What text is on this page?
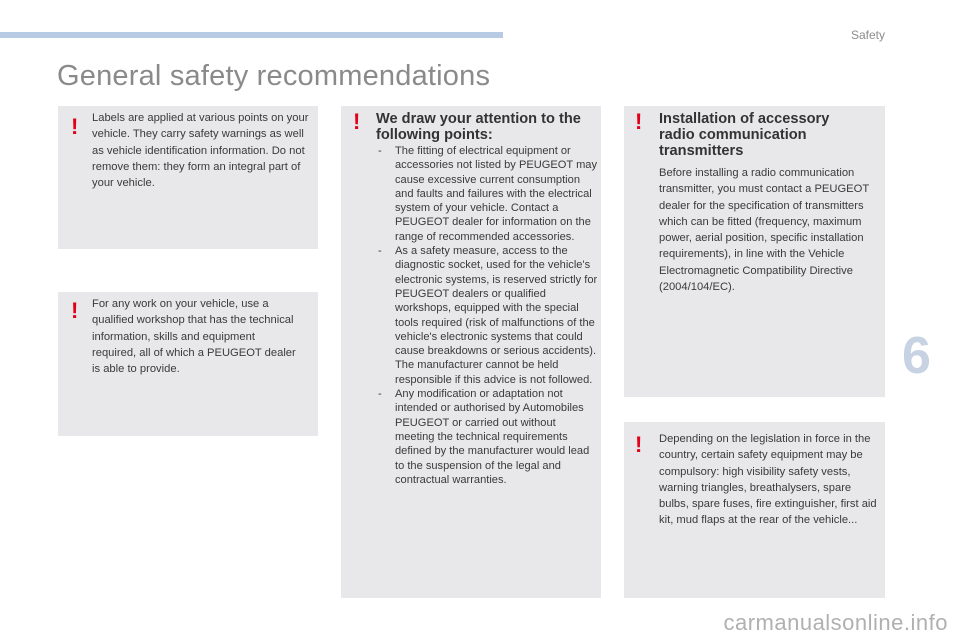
Safety
General safety recommendations
! Labels are applied at various points on your vehicle. They carry safety warnings as well as vehicle identification information. Do not remove them: they form an integral part of your vehicle.

! For any work on your vehicle, use a qualified workshop that has the technical information, skills and equipment required, all of which a PEUGEOT dealer is able to provide.

! We draw your attention to the following points:
- The fitting of electrical equipment or accessories not listed by PEUGEOT may cause excessive current consumption and faults and failures with the electrical system of your vehicle. Contact a PEUGEOT dealer for information on the range of recommended accessories.
- As a safety measure, access to the diagnostic socket, used for the vehicle's electronic systems, is reserved strictly for PEUGEOT dealers or qualified workshops, equipped with the special tools required (risk of malfunctions of the vehicle's electronic systems that could cause breakdowns or serious accidents). The manufacturer cannot be held responsible if this advice is not followed.
- Any modification or adaptation not intended or authorised by Automobiles PEUGEOT or carried out without meeting the technical requirements defined by the manufacturer would lead to the suspension of the legal and contractual warranties.
! Installation of accessory radio communication transmitters

Before installing a radio communication transmitter, you must contact a PEUGEOT dealer for the specification of transmitters which can be fitted (frequency, maximum power, aerial position, specific installation requirements), in line with the Vehicle Electromagnetic Compatibility Directive (2004/104/EC).

! Depending on the legislation in force in the country, certain safety equipment may be compulsory: high visibility safety vests, warning triangles, breathalysers, spare bulbs, spare fuses, fire extinguisher, first aid kit, mud flaps at the rear of the vehicle...

6
carmanualsonline.info
